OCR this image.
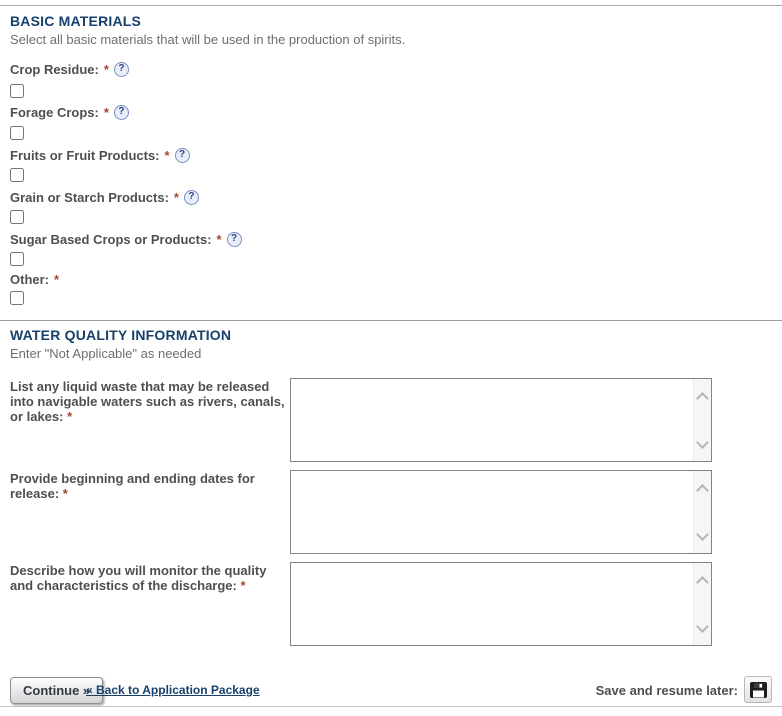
BASIC MATERIALS
Select all basic materials that will be used in the production of spirits.
Crop Residue: * ?
Forage Crops: * ?
Fruits or Fruit Products: * ?
Grain or Starch Products: * ?
Sugar Based Crops or Products: * ?
Other: *
WATER QUALITY INFORMATION
Enter "Not Applicable" as needed
List any liquid waste that may be released into navigable waters such as rivers, canals, or lakes: *
Provide beginning and ending dates for release: *
Describe how you will monitor the quality and characteristics of the discharge: *
Continue »
« Back to Application Package	Save and resume later:
